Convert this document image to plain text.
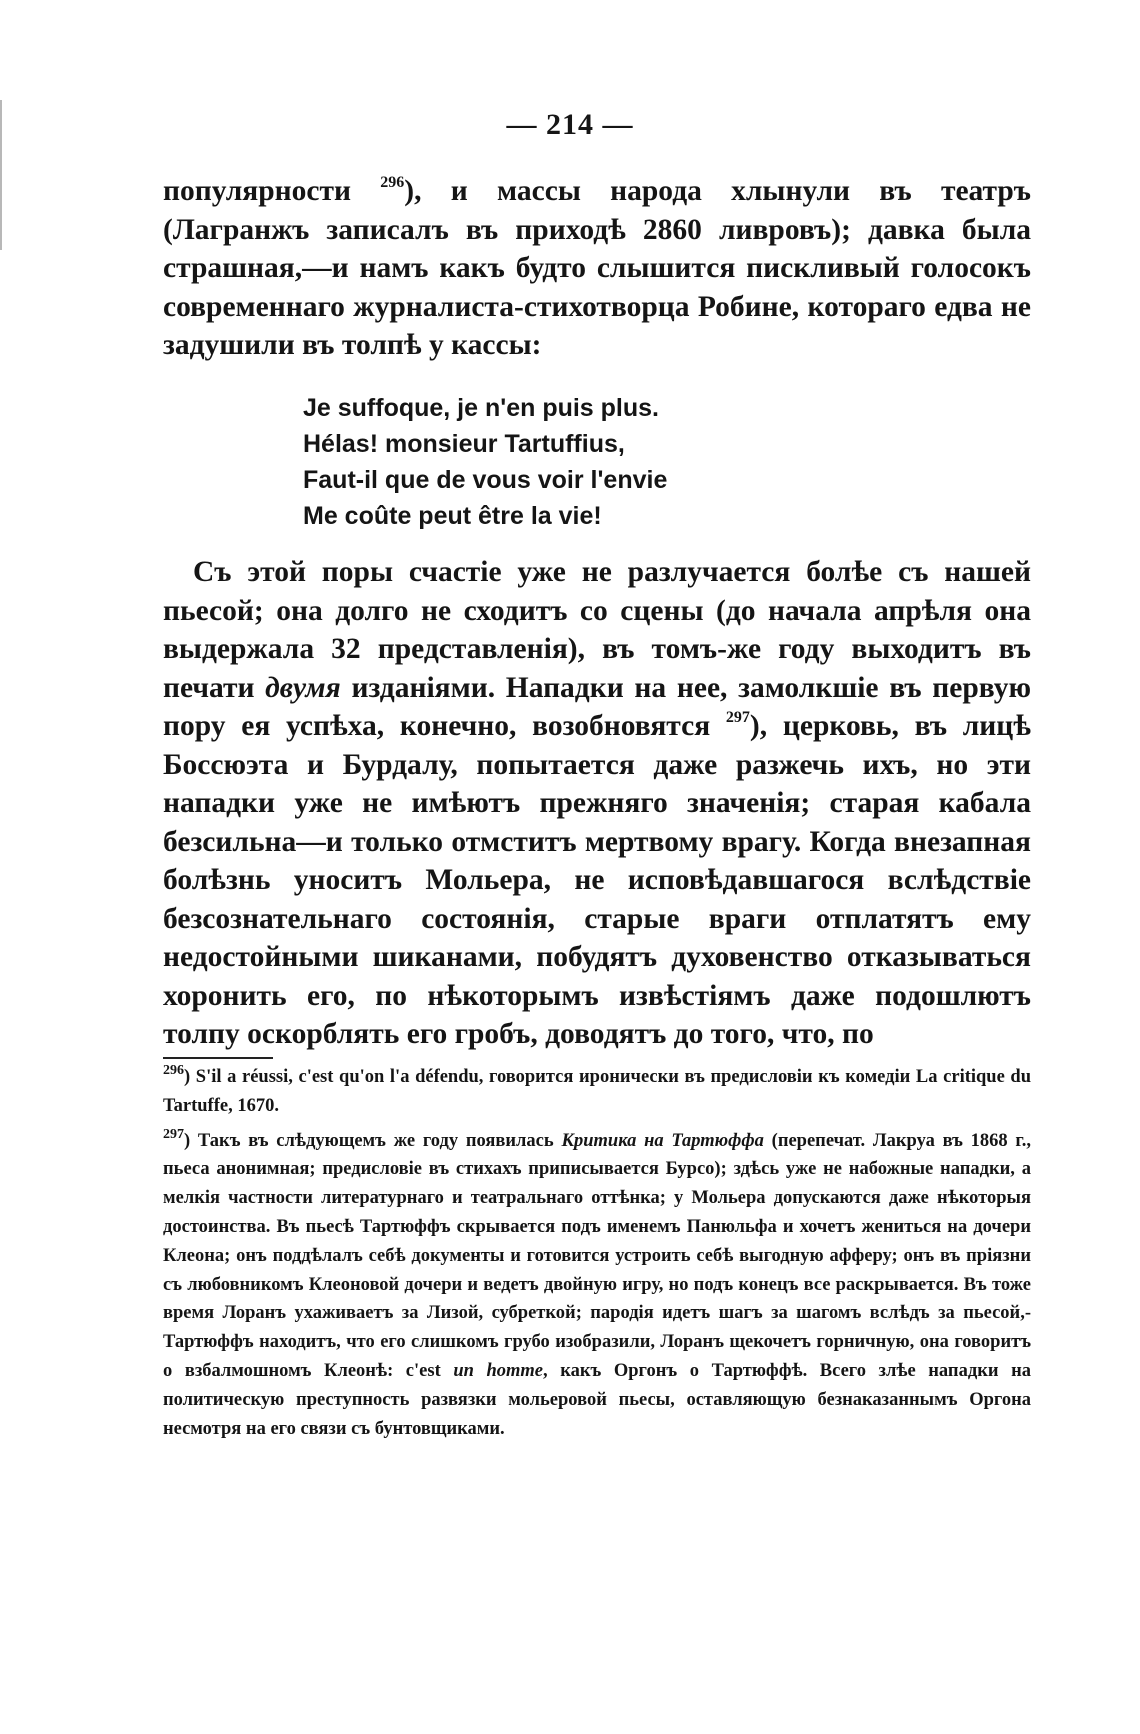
— 214 —
популярности $^{296}$), и массы народа хлынули въ театръ (Лагранжъ записалъ въ приходѣ 2860 ливровъ); давка была страшная,—и намъ какъ будто слышится пискливый голосокъ современнаго журналиста-стихотворца Робине, котораго едва не задушили въ толпѣ у кассы:
Je suffoque, je n'en puis plus.
Hélas! monsieur Tartuffius,
Faut-il que de vous voir l'envie
Me coûte peut être la vie!
Съ этой поры счастіе уже не разлучается болѣе съ нашей пьесой; она долго не сходитъ со сцены (до начала апрѣля она выдержала 32 представленія), въ томъ-же году выходитъ въ печати двумя изданіями. Нападки на нее, замолкшіе въ первую пору ея успѣха, конечно, возобновятся $^{297}$), церковь, въ лицѣ Боссюэта и Бурдалу, попытается даже разжечь ихъ, но эти нападки уже не имѣютъ прежняго значенія; старая кабала безсильна—и только отмститъ мертвому врагу. Когда внезапная болѣзнь уноситъ Мольера, не исповѣдавшагося вслѣдствіе безсознательнаго состоянія, старые враги отплатятъ ему недостойными шиканами, побудятъ духовенство отказываться хоронить его, по нѣкоторымъ извѣстіямъ даже подошлютъ толпу оскорблять его гробъ, доводятъ до того, что, по
$^{296}$) S'il a réussi, c'est qu'on l'a défendu, говорится иронически въ предисловіи къ комедіи La critique du Tartuffe, 1670.
$^{297}$) Такъ въ слѣдующемъ же году появилась Критика на Тартюффа (перепечат. Лакруа въ 1868 г., пьеса анонимная; предисловіе въ стихахъ приписывается Бурсо); здѣсь уже не набожные нападки, а мелкія частности литературнаго и театральнаго оттѣнка; у Мольера допускаются даже нѣкоторыя достоинства. Въ пьесѣ Тартюффъ скрывается подъ именемъ Панюльфа и хочетъ жениться на дочери Клеона; онъ поддѣлалъ себѣ документы и готовится устроить себѣ выгодную афферу; онъ въ пріязни съ любовникомъ Клеоновой дочери и ведетъ двойную игру, но подъ конецъ все раскрывается. Въ тоже время Лоранъ ухаживаетъ за Лизой, субреткой; пародія идетъ шагъ за шагомъ вслѣдъ за пьесой,- Тартюффъ находитъ, что его слишкомъ грубо изобразили, Лоранъ щекочетъ горничную, она говоритъ о взбалмошномъ Клеонѣ: c'est un homme, какъ Оргонъ о Тартюффѣ. Всего злѣе нападки на политическую преступность развязки мольеровой пьесы, оставляющую безнаказаннымъ Оргона несмотря на его связи съ бунтовщиками.
